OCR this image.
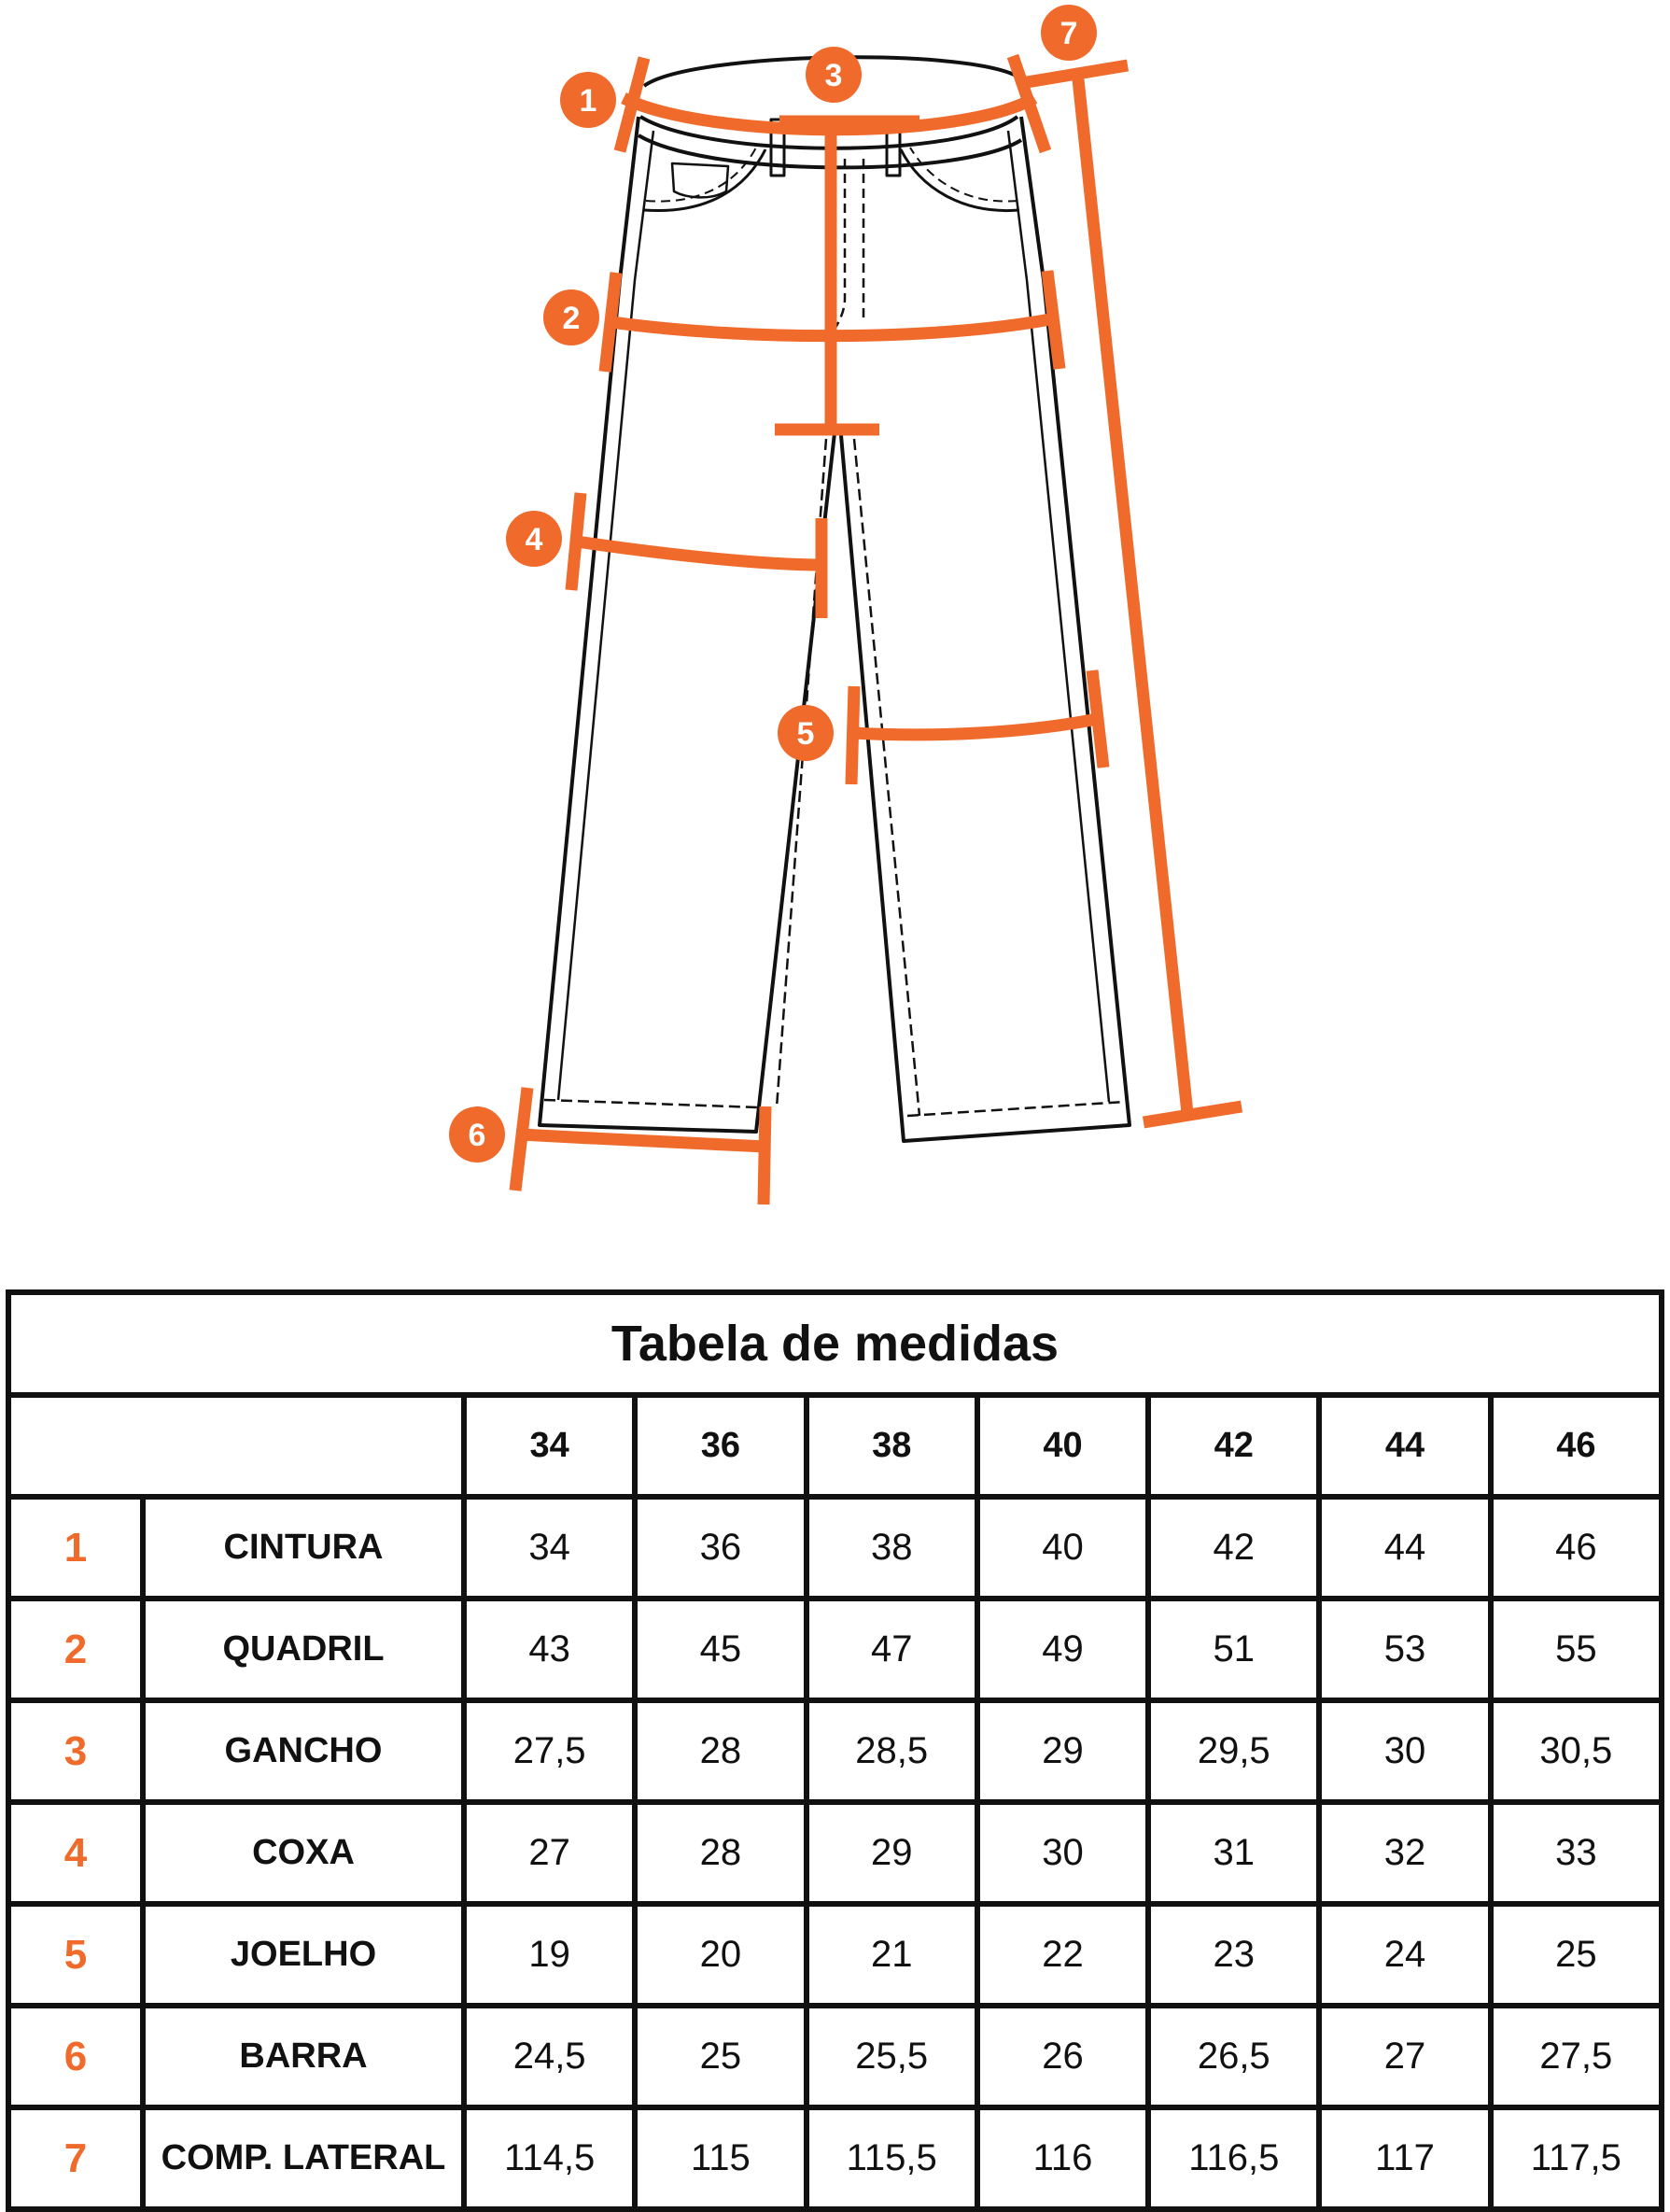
1
3
7
2
4
5
6
Tabela de medidas								
		34	36	38	40	42	44	46
1	CINTURA	34	36	38	40	42	44	46
2	QUADRIL	43	45	47	49	51	53	55
3	GANCHO	27,5	28	28,5	29	29,5	30	30,5
4	COXA	27	28	29	30	31	32	33
5	JOELHO	19	20	21	22	23	24	25
6	BARRA	24,5	25	25,5	26	26,5	27	27,5
7	COMP. LATERAL	114,5	115	115,5	116	116,5	117	117,5
